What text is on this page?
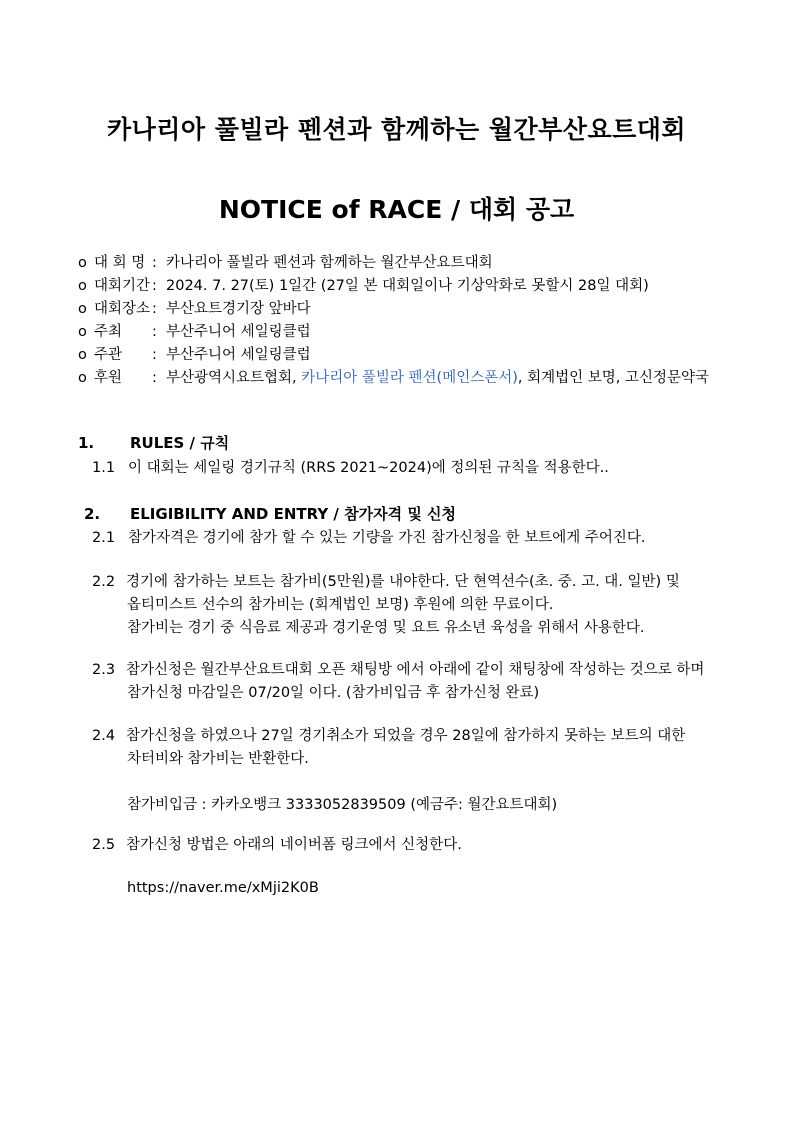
카나리아 풀빌라 펜션과 함께하는 월간부산요트대회
NOTICE of RACE / 대회 공고
o 대 회 명 : 카나리아 풀빌라 펜션과 함께하는 월간부산요트대회
o 대회기간 : 2024. 7. 27(토) 1일간 (27일 본 대회일이나 기상악화로 못할시 28일 대회)
o 대회장소 : 부산요트경기장 앞바다
o 주최	: 부산주니어 세일링클럽
o 주관	: 부산주니어 세일링클럽
o 후원	: 부산광역시요트협회, 카나리아 풀빌라 펜션(메인스폰서), 회계법인 보명, 고신정문약국
1. RULES / 규칙
1.1 이 대회는 세일링 경기규칙 (RRS 2021~2024)에 정의된 규칙을 적용한다..
2. ELIGIBILITY AND ENTRY / 참가자격 및 신청
2.1 참가자격은 경기에 참가 할 수 있는 기량을 가진 참가신청을 한 보트에게 주어진다.
2.2 경기에 참가하는 보트는 참가비(5만원)를 내야한다. 단 현역선수(초. 중. 고. 대. 일반) 및
옵티미스트 선수의 참가비는 (회계법인 보명) 후원에 의한 무료이다.
참가비는 경기 중 식음료 제공과 경기운영 및 요트 유소년 육성을 위해서 사용한다.
2.3 참가신청은 월간부산요트대회 오픈 채팅방 에서 아래에 같이 채팅창에 작성하는 것으로 하며
참가신청 마감일은 07/20일 이다. (참가비입금 후 참가신청 완료)
2.4 참가신청을 하였으나 27일 경기취소가 되었을 경우 28일에 참가하지 못하는 보트의 대한
차터비와 참가비는 반환한다.
참가비입금 : 카카오뱅크 3333052839509 (예금주: 월간요트대회)
2.5 참가신청 방법은 아래의 네이버폼 링크에서 신청한다.
https://naver.me/xMji2K0B
